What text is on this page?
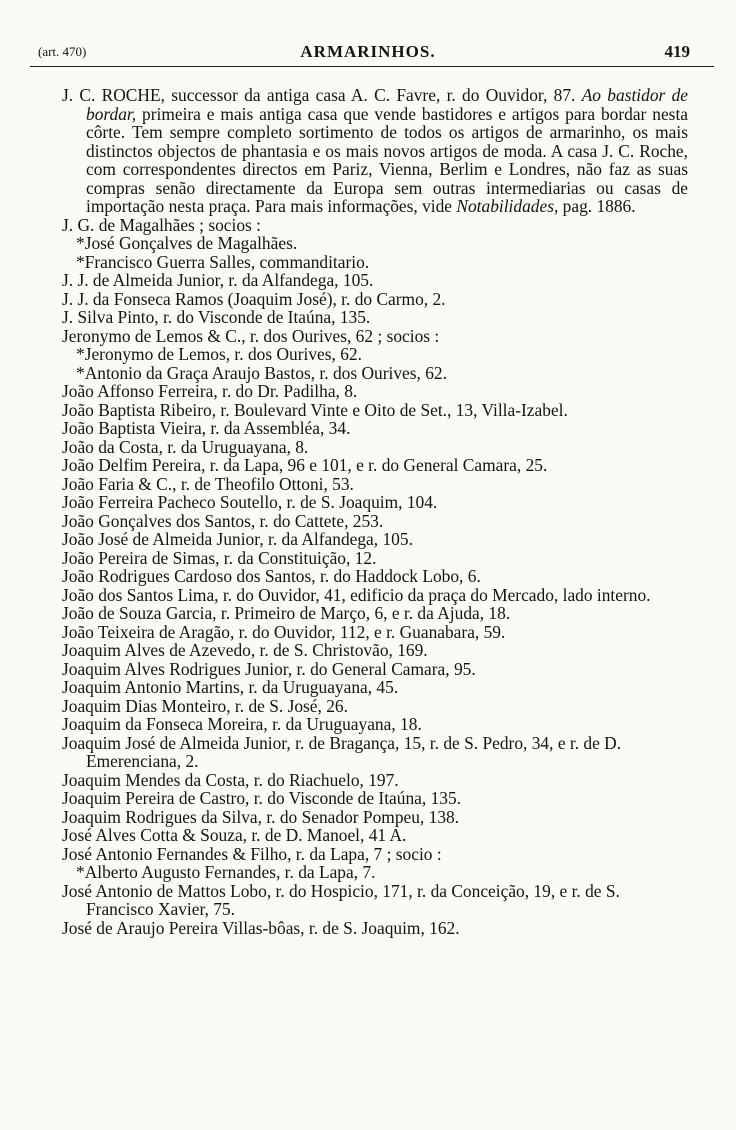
(art. 470)	ARMARINHOS.	419
J. C. ROCHE, successor da antiga casa A. C. Favre, r. do Ouvidor, 87. Ao bastidor de bordar, primeira e mais antiga casa que vende bastidores e artigos para bordar nesta côrte. Tem sempre completo sortimento de todos os artigos de armarinho, os mais distinctos objectos de phantasia e os mais novos artigos de moda. A casa J. C. Roche, com correspondentes directos em Pariz, Vienna, Berlim e Londres, não faz as suas compras senão directamente da Europa sem outras intermediarias ou casas de importação nesta praça. Para mais informações, vide Notabilidades, pag. 1886.
J. G. de Magalhães ; socios :
*José Gonçalves de Magalhães.
*Francisco Guerra Salles, commanditario.
J. J. de Almeida Junior, r. da Alfandega, 105.
J. J. da Fonseca Ramos (Joaquim José), r. do Carmo, 2.
J. Silva Pinto, r. do Visconde de Itaúna, 135.
Jeronymo de Lemos & C., r. dos Ourives, 62 ; socios :
*Jeronymo de Lemos, r. dos Ourives, 62.
*Antonio da Graça Araujo Bastos, r. dos Ourives, 62.
João Affonso Ferreira, r. do Dr. Padilha, 8.
João Baptista Ribeiro, r. Boulevard Vinte e Oito de Set., 13, Villa-Izabel.
João Baptista Vieira, r. da Assembléa, 34.
João da Costa, r. da Uruguayana, 8.
João Delfim Pereira, r. da Lapa, 96 e 101, e r. do General Camara, 25.
João Faria & C., r. de Theofilo Ottoni, 53.
João Ferreira Pacheco Soutello, r. de S. Joaquim, 104.
João Gonçalves dos Santos, r. do Cattete, 253.
João José de Almeida Junior, r. da Alfandega, 105.
João Pereira de Simas, r. da Constituição, 12.
João Rodrigues Cardoso dos Santos, r. do Haddock Lobo, 6.
João dos Santos Lima, r. do Ouvidor, 41, edificio da praça do Mercado, lado interno.
João de Souza Garcia, r. Primeiro de Março, 6, e r. da Ajuda, 18.
João Teixeira de Aragão, r. do Ouvidor, 112, e r. Guanabara, 59.
Joaquim Alves de Azevedo, r. de S. Christovão, 169.
Joaquim Alves Rodrigues Junior, r. do General Camara, 95.
Joaquim Antonio Martins, r. da Uruguayana, 45.
Joaquim Dias Monteiro, r. de S. José, 26.
Joaquim da Fonseca Moreira, r. da Uruguayana, 18.
Joaquim José de Almeida Junior, r. de Bragança, 15, r. de S. Pedro, 34, e r. de D. Emerenciana, 2.
Joaquim Mendes da Costa, r. do Riachuelo, 197.
Joaquim Pereira de Castro, r. do Visconde de Itaúna, 135.
Joaquim Rodrigues da Silva, r. do Senador Pompeu, 138.
José Alves Cotta & Souza, r. de D. Manoel, 41 A.
José Antonio Fernandes & Filho, r. da Lapa, 7 ; socio :
*Alberto Augusto Fernandes, r. da Lapa, 7.
José Antonio de Mattos Lobo, r. do Hospicio, 171, r. da Conceição, 19, e r. de S. Francisco Xavier, 75.
José de Araujo Pereira Villas-bôas, r. de S. Joaquim, 162.
